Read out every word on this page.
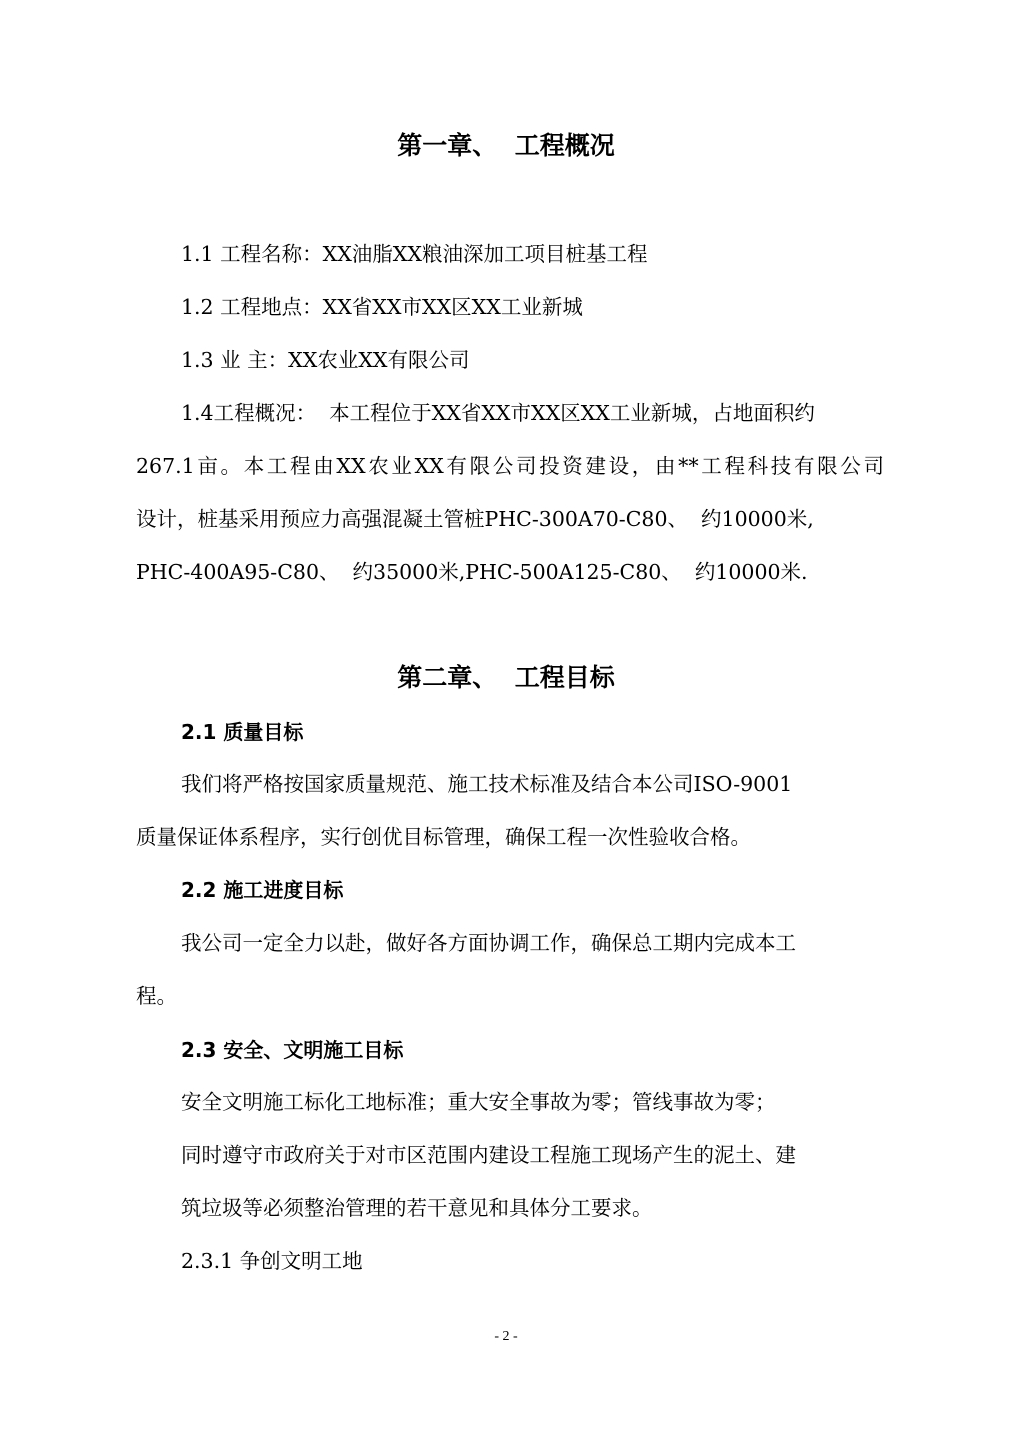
第一章、  工程概况
1.1 工程名称：XX油脂XX粮油深加工项目桩基工程
1.2 工程地点：XX省XX市XX区XX工业新城
1.3 业 主：XX农业XX有限公司
1.4工程概况：  本工程位于XX省XX市XX区XX工业新城，占地面积约
267.1亩。本工程由XX农业XX有限公司投资建设，由**工程科技有限公司
设计，桩基采用预应力高强混凝土管桩PHC-300A70-C80、  约10000米,
PHC-400A95-C80、  约35000米,PHC-500A125-C80、  约10000米.
第二章、  工程目标
2.1 质量目标
我们将严格按国家质量规范、施工技术标准及结合本公司ISO-9001
质量保证体系程序，实行创优目标管理，确保工程一次性验收合格。
2.2 施工进度目标
我公司一定全力以赴，做好各方面协调工作，确保总工期内完成本工
程。
2.3 安全、文明施工目标
安全文明施工标化工地标准；重大安全事故为零；管线事故为零；
同时遵守市政府关于对市区范围内建设工程施工现场产生的泥土、建
筑垃圾等必须整治管理的若干意见和具体分工要求。
2.3.1 争创文明工地
- 2 -
